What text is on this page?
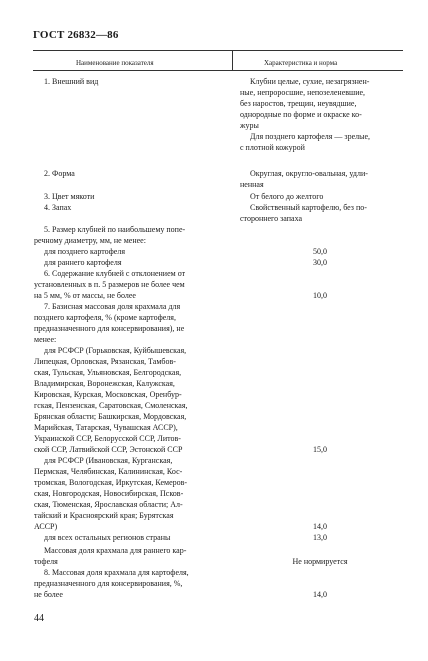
ГОСТ 26832—86
Наименование показателя	Характеристика и норма
1. Внешний вид
2. Форма
3. Цвет мякоти
4. Запах
5. Размер клубней по наибольшему попе-
речному диаметру, мм, не менее:
для позднего картофеля
для раннего картофеля
6. Содержание клубней с отклонением от
установленных в п. 5 размеров не более чем
на 5 мм, % от массы, не более
7. Базисная массовая доля крахмала для
позднего картофеля, % (кроме картофеля,
предназначенного для консервирования), не
менее:
для РСФСР (Горьковская, Куйбышевская,
Липецкая, Орловская, Рязанская, Тамбов-
ская, Тульская, Ульяновская, Белгородская,
Владимирская, Воронежская, Калужская,
Кировская, Курская, Московская, Оренбур-
гская, Пензенская, Саратовская, Смоленская,
Брянская области; Башкирская, Мордовская,
Марийская, Татарская, Чувашская АССР),
Украинской ССР, Белорусской ССР, Литов-
ской ССР, Латвийской ССР, Эстонской ССР
для РСФСР (Ивановская, Курганская,
Пермская, Челябинская, Калининская, Кос-
тромская, Вологодская, Иркутская, Кемеров-
ская, Новгородская, Новосибирская, Псков-
ская, Тюменская, Ярославская области; Ал-
тайский и Красноярский края; Бурятская
АССР)
для всех остальных регионов страны
Массовая доля крахмала для раннего кар-
тофеля
8. Массовая доля крахмала для картофеля,
предназначенного для консервирования, %,
не более
Клубни целые, сухие, незагрязнен-
ные, непроросшие, непозеленевшие,
без наростов, трещин, неувядшие,
однородные по форме и окраске ко-
журы
Для позднего картофеля — зрелые,
с плотной кожурой
Округлая, округло-овальная, удли-
ненная
От белого до желтого
Свойственный картофелю, без по-
стороннего запаха
50,0
30,0
10,0
15,0
14,0
13,0
Не нормируется
14,0
44
